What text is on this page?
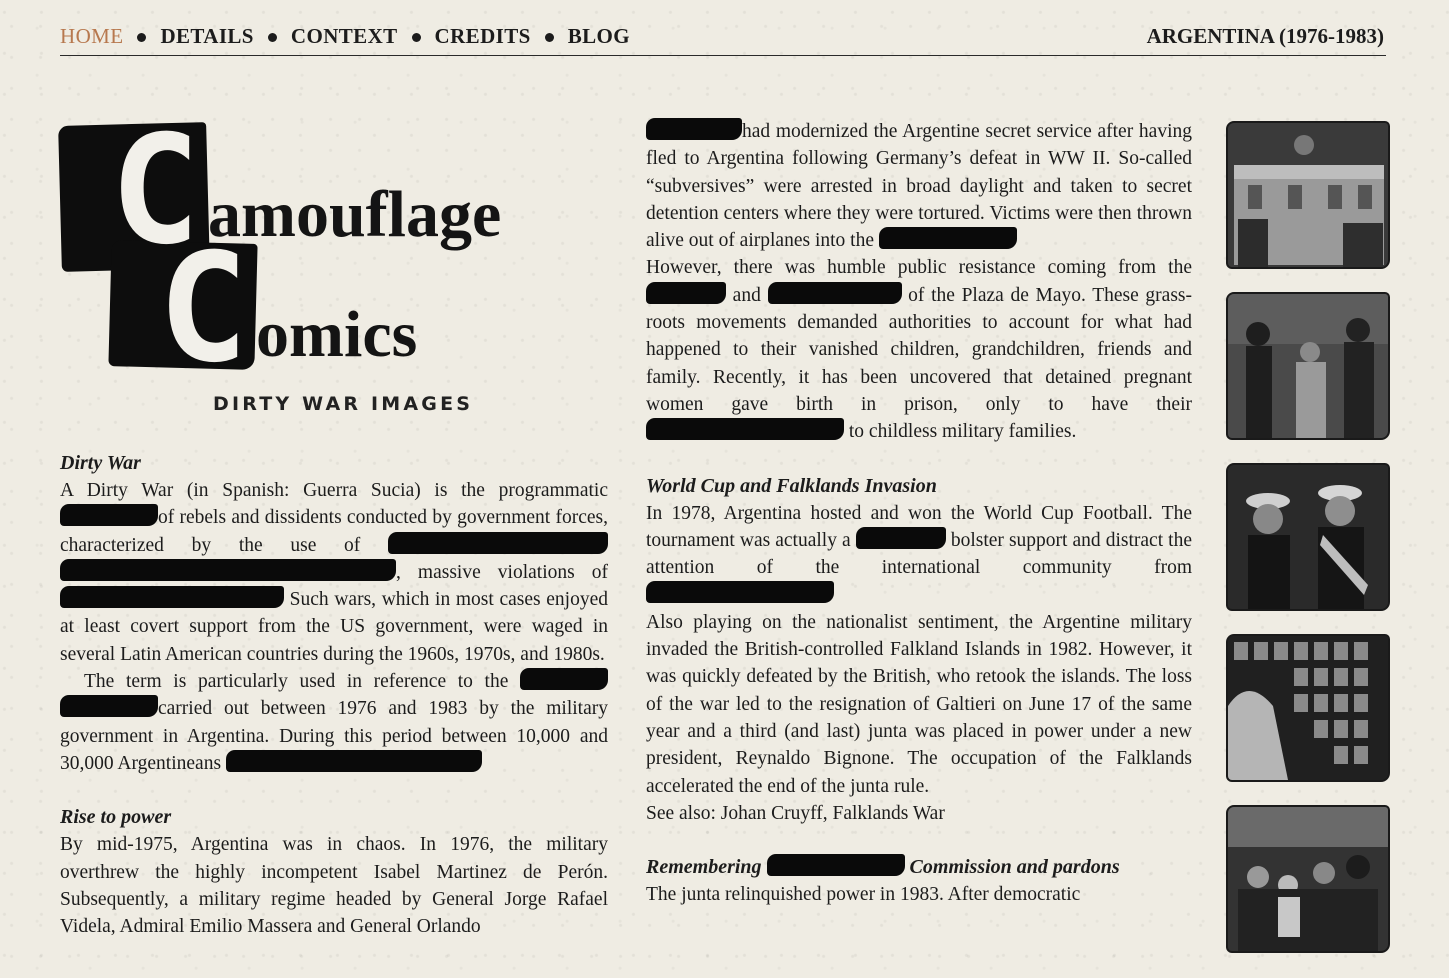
HOME DETAILS CONTEXT CREDITS BLOG	ARGENTINA (1976-1983)
C
C
amouflage
omics
DIRTY WAR IMAGES
Dirty War

A Dirty War (in Spanish: Guerra Sucia) is the programmatic of rebels and dissidents conducted by government forces, characterized by the use of  , massive violations of  Such wars, which in most cases enjoyed at least covert support from the US government, were waged in several Latin American countries during the 1960s, 1970s, and 1980s.

The term is particularly used in reference to the  carried out between 1976 and 1983 by the military government in Argentina. During this period between 10,000 and 30,000 Argentineans

Rise to power

By mid-1975, Argentina was in chaos. In 1976, the military overthrew the highly incompetent Isabel Martinez de Perón. Subsequently, a military regime headed by General Jorge Rafael Videla, Admiral Emilio Massera and General Orlando

had modernized the Argentine secret service after having fled to Argentina following Germany’s defeat in WW II. So-called “subversives” were arrested in broad daylight and taken to secret detention centers where they were tortured. Victims were then thrown alive out of airplanes into the

However, there was humble public resistance coming from the  and	of the Plaza de Mayo. These grass-roots movements demanded authorities to account for what had happened to their vanished children, grandchildren, friends and family. Recently, it has been uncovered that detained pregnant women gave birth in prison, only to have their  to childless military families.

World Cup and Falklands Invasion

In 1978, Argentina hosted and won the World Cup Football. The tournament was actually a	bolster support and distract the attention of the international community from

Also playing on the nationalist sentiment, the Argentine military invaded the British-controlled Falkland Islands in 1982. However, it was quickly defeated by the British, who retook the islands. The loss of the war led to the resignation of Galtieri on June 17 of the same year and a third (and last) junta was placed in power under a new president, Reynaldo Bignone. The occupation of the Falklands accelerated the end of the junta rule.

See also: Johan Cruyff, Falklands War

Remembering	Commission and pardons

The junta relinquished power in 1983. After democratic
